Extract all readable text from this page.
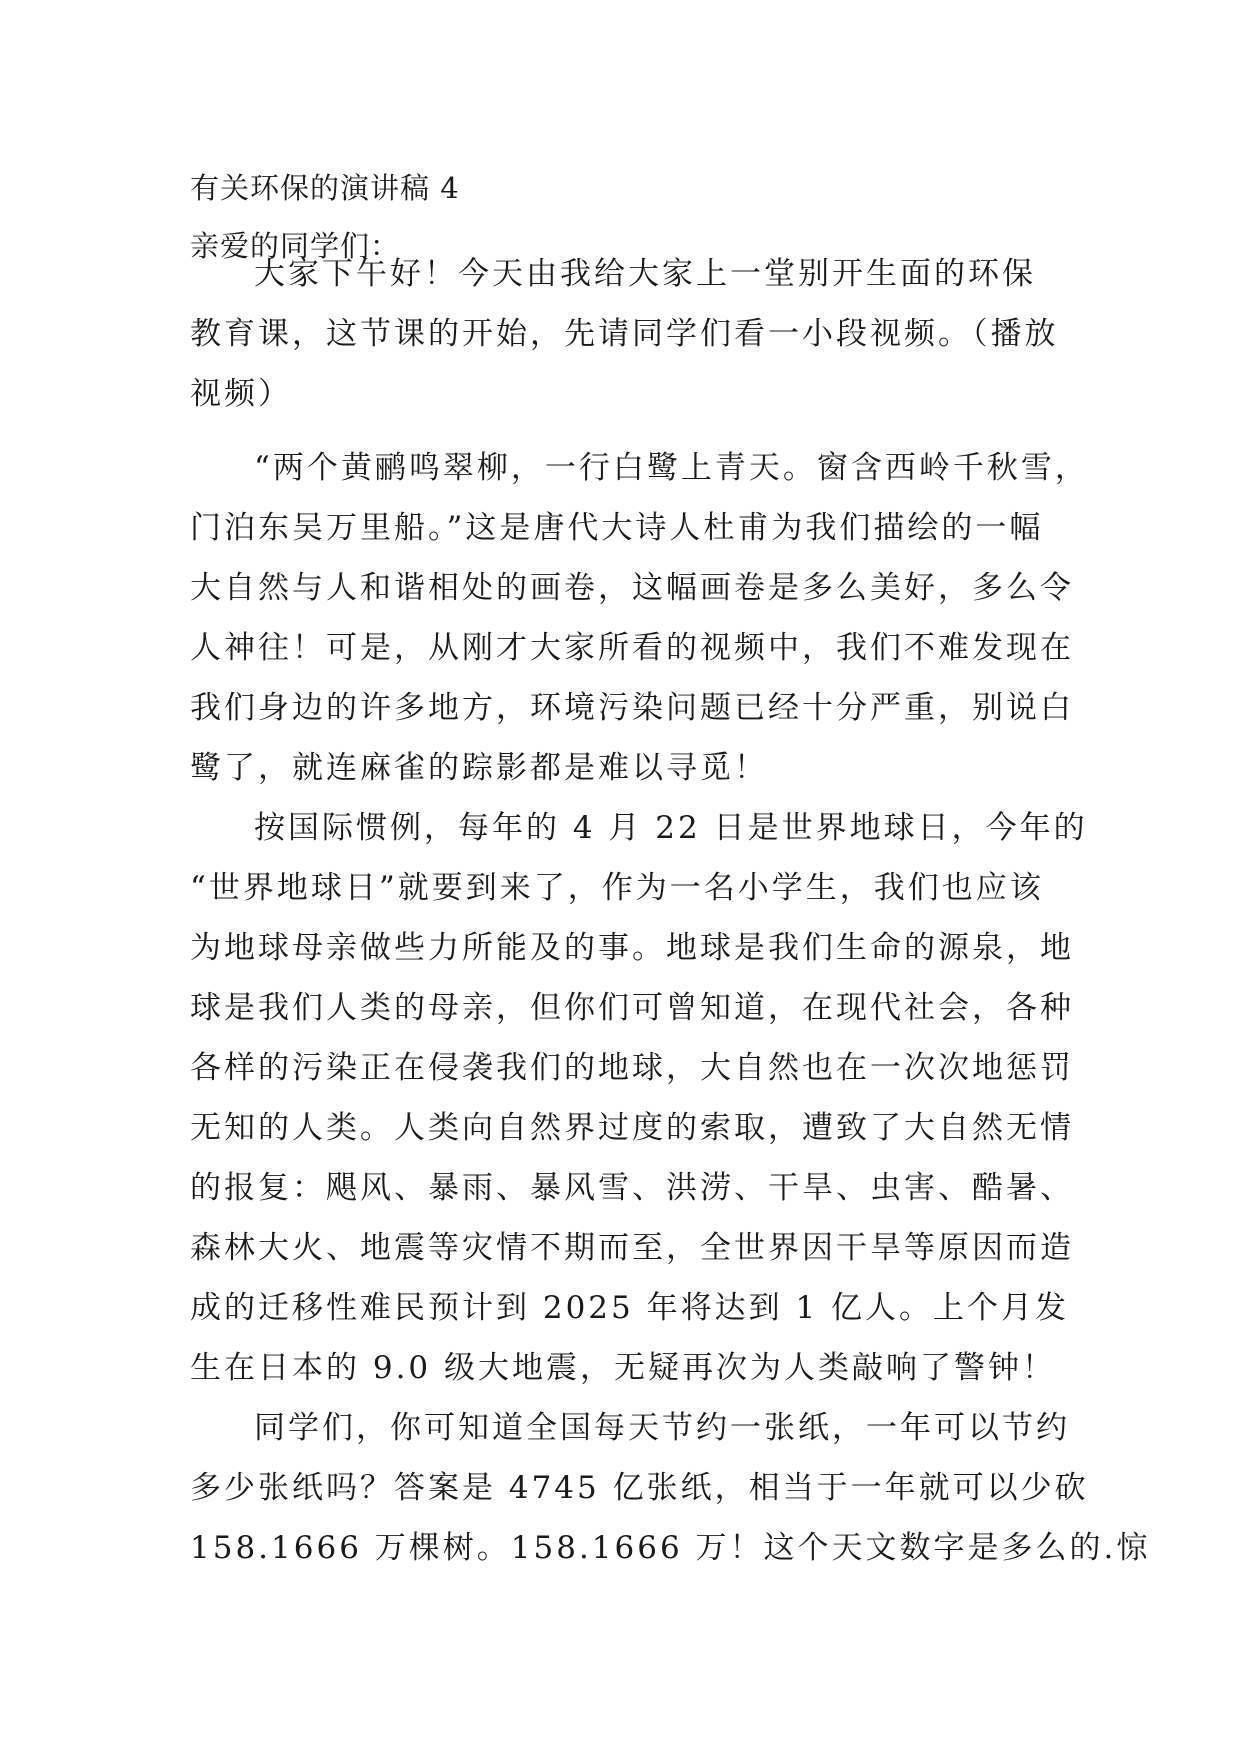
有关环保的演讲稿 4
亲爱的同学们：
大家下午好！今天由我给大家上一堂别开生面的环保
教育课，这节课的开始，先请同学们看一小段视频。（播放
视频）
“两个黄鹂鸣翠柳，一行白鹭上青天。窗含西岭千秋雪，
门泊东吴万里船。”这是唐代大诗人杜甫为我们描绘的一幅
大自然与人和谐相处的画卷，这幅画卷是多么美好，多么令
人神往！可是，从刚才大家所看的视频中，我们不难发现在
我们身边的许多地方，环境污染问题已经十分严重，别说白
鹭了，就连麻雀的踪影都是难以寻觅！
按国际惯例，每年的 4 月 22 日是世界地球日，今年的
“世界地球日”就要到来了，作为一名小学生，我们也应该
为地球母亲做些力所能及的事。地球是我们生命的源泉，地
球是我们人类的母亲，但你们可曾知道，在现代社会，各种
各样的污染正在侵袭我们的地球，大自然也在一次次地惩罚
无知的人类。人类向自然界过度的索取，遭致了大自然无情
的报复：飓风、暴雨、暴风雪、洪涝、干旱、虫害、酷暑、
森林大火、地震等灾情不期而至，全世界因干旱等原因而造
成的迁移性难民预计到 2025 年将达到 1 亿人。上个月发
生在日本的 9.0 级大地震，无疑再次为人类敲响了警钟！
同学们，你可知道全国每天节约一张纸，一年可以节约
多少张纸吗？答案是 4745 亿张纸，相当于一年就可以少砍
158.1666 万棵树。158.1666 万！这个天文数字是多么的.惊
